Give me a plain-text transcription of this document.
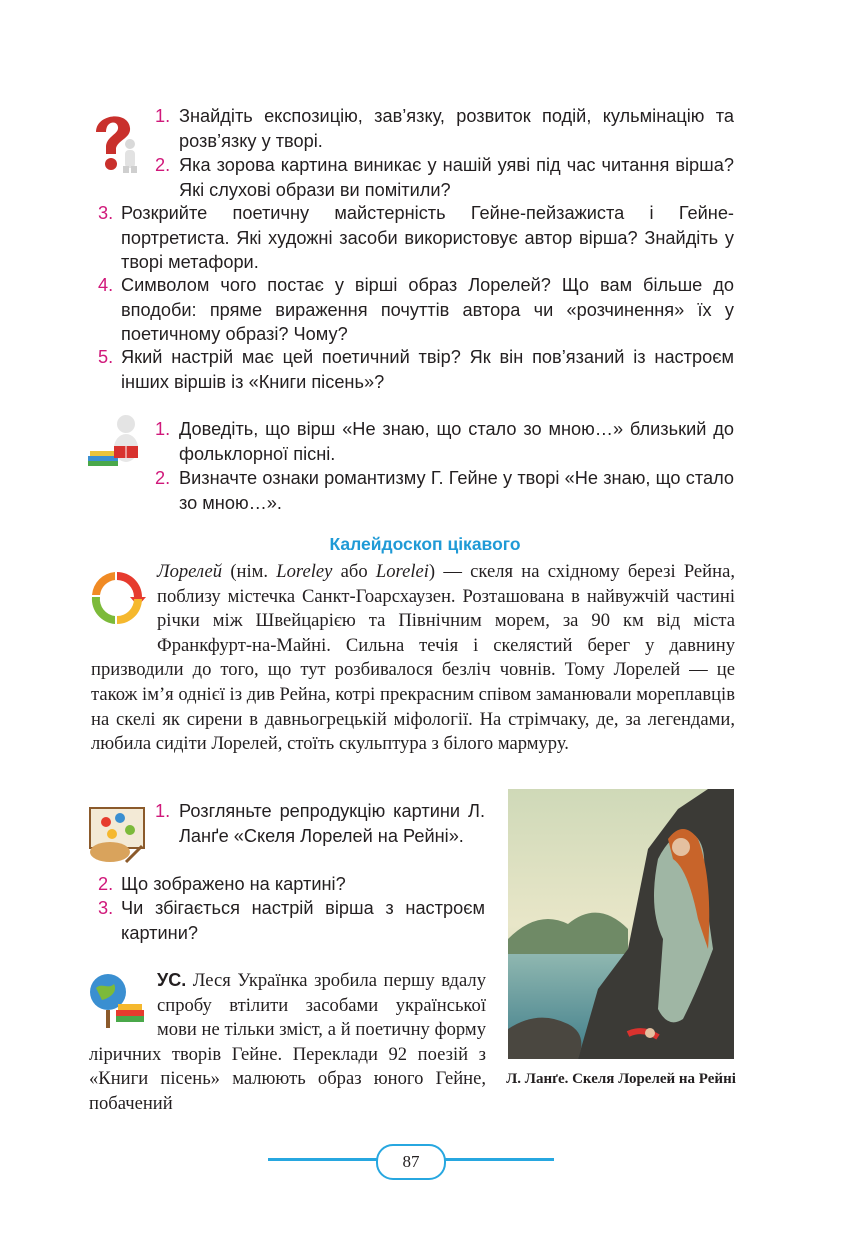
1. Знайдіть експозицію, зав’язку, розвиток подій, кульмінацію та розв’язку у творі.
2. Яка зорова картина виникає у нашій уяві під час читання вірша? Які слухові образи ви помітили?
3. Розкрийте поетичну майстерність Гейне-пейзажиста і Гейне-портретиста. Які художні засоби використовує автор вірша? Знайдіть у творі метафори.
4. Символом чого постає у вірші образ Лорелей? Що вам більше до вподоби: пряме вираження почуттів автора чи «розчинення» їх у поетичному образі? Чому?
5. Який настрій має цей поетичний твір? Як він пов’язаний із настроєм інших віршів із «Книги пісень»?
1. Доведіть, що вірш «Не знаю, що стало зо мною…» близький до фольклорної пісні.
2. Визначте ознаки романтизму Г. Гейне у творі «Не знаю, що стало зо мною…».
Калейдоскоп цікавого
Лорелей (нім. Loreley або Lorelei) — скеля на східному березі Рейна, поблизу містечка Санкт-Гоарсхаузен. Розташована в найвужчій частині річки між Швейцарією та Північним морем, за 90 км від міста Франкфурт-на-Майні. Сильна течія і скелястий берег у давнину призводили до того, що тут розбивалося безліч човнів. Тому Лорелей — це також ім’я однієї із див Рейна, котрі прекрасним співом заманювали мореплавців на скелі як сирени в давньогрецькій міфології. На стрімчаку, де, за легендами, любила сидіти Лорелей, стоїть скульптура з білого мармуру.
1. Розгляньте репродукцію картини Л. Ланґе «Скеля Лорелей на Рейні».
2. Що зображено на картині?
3. Чи збігається настрій вірша з настроєм картини?
УС. Леся Українка зробила першу вдалу спробу втілити засобами української мови не тільки зміст, а й поетичну форму ліричних творів Гейне. Переклади 92 поезій з «Книги пісень» малюють образ юного Гейне, побачений
Л. Ланґе. Скеля Лорелей на Рейні
87
